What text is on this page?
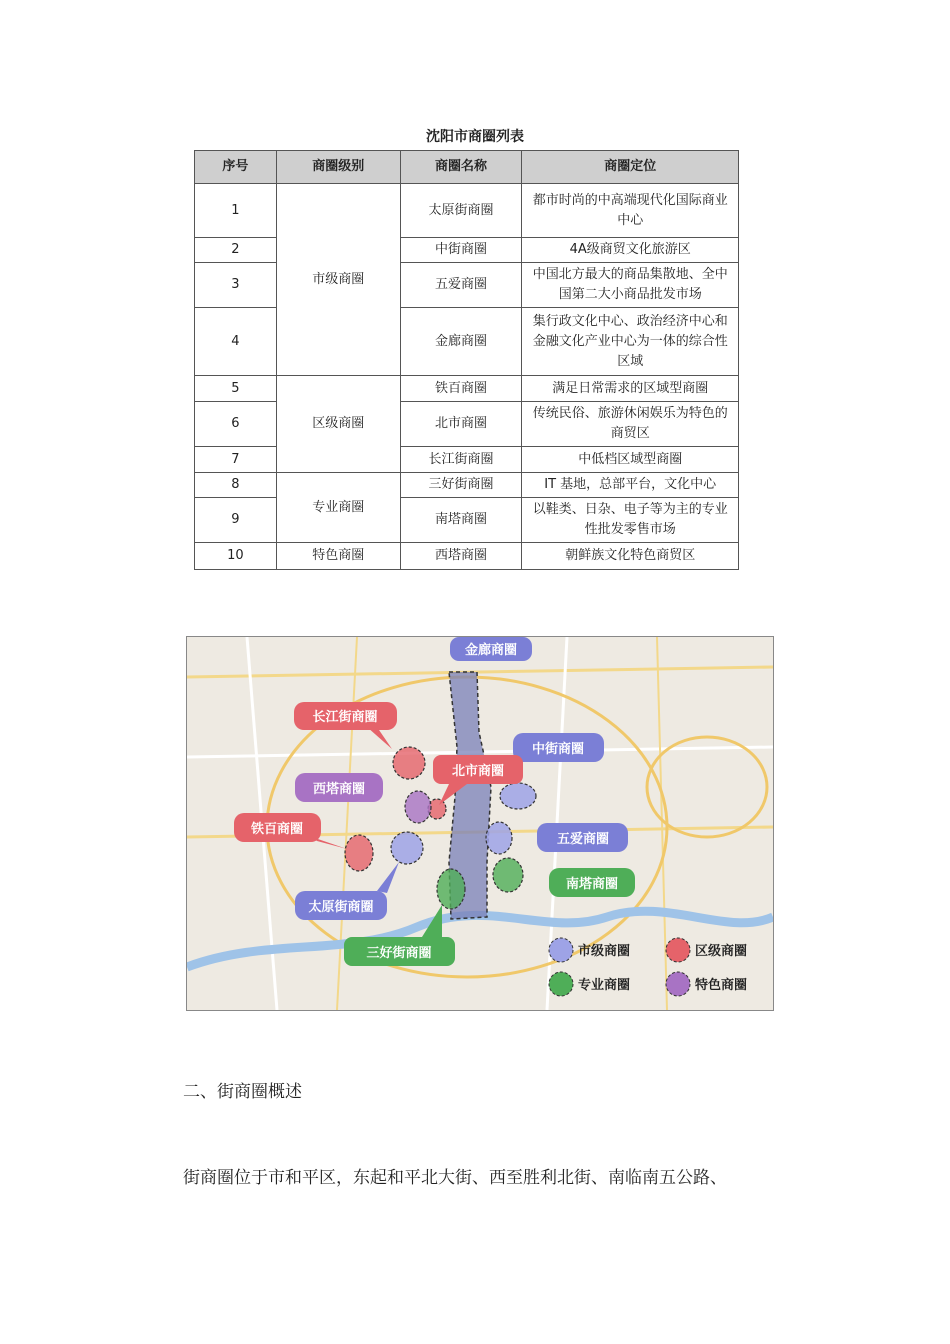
沈阳市商圈列表
序号	商圈级别	商圈名称	商圈定位
1	市级商圈	太原街商圈	都市时尚的中高端现代化国际商业中心
2		中街商圈	4A级商贸文化旅游区
3		五爱商圈	中国北方最大的商品集散地、全中国第二大小商品批发市场
4		金廊商圈	集行政文化中心、政治经济中心和金融文化产业中心为一体的综合性区域
5	区级商圈	铁百商圈	满足日常需求的区域型商圈
6		北市商圈	传统民俗、旅游休闲娱乐为特色的商贸区
7		长江街商圈	中低档区域型商圈
8	专业商圈	三好街商圈	IT 基地，总部平台，文化中心
9		南塔商圈	以鞋类、日杂、电子等为主的专业性批发零售市场
10	特色商圈	西塔商圈	朝鲜族文化特色商贸区
金廊商圈
长江街商圈
中街商圈
北市商圈
西塔商圈
铁百商圈
五爱商圈
南塔商圈
太原街商圈
三好街商圈	市级商圈	区级商圈
专业商圈	特色商圈
二、街商圈概述
街商圈位于市和平区，东起和平北大街、西至胜利北街、南临南五公路、
